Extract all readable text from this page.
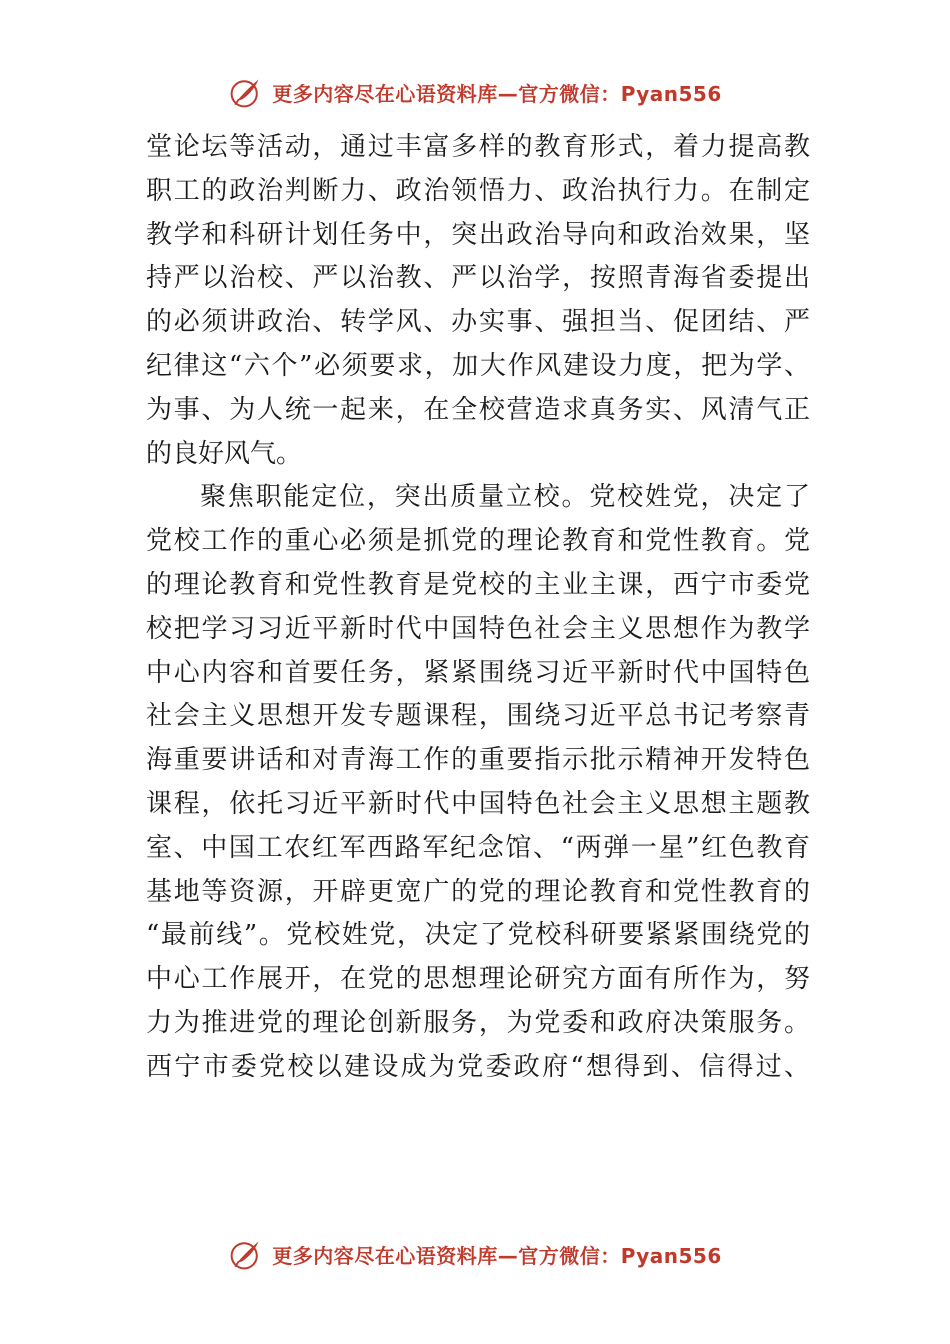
更多内容尽在心语资料库—官方微信：Pyan556
堂论坛等活动，通过丰富多样的教育形式，着力提高教
职工的政治判断力、政治领悟力、政治执行力。在制定
教学和科研计划任务中，突出政治导向和政治效果，坚
持严以治校、严以治教、严以治学，按照青海省委提出
的必须讲政治、转学风、办实事、强担当、促团结、严
纪律这“六个”必须要求，加大作风建设力度，把为学、
为事、为人统一起来，在全校营造求真务实、风清气正
的良好风气。
聚焦职能定位，突出质量立校。党校姓党，决定了
党校工作的重心必须是抓党的理论教育和党性教育。党
的理论教育和党性教育是党校的主业主课，西宁市委党
校把学习习近平新时代中国特色社会主义思想作为教学
中心内容和首要任务，紧紧围绕习近平新时代中国特色
社会主义思想开发专题课程，围绕习近平总书记考察青
海重要讲话和对青海工作的重要指示批示精神开发特色
课程，依托习近平新时代中国特色社会主义思想主题教
室、中国工农红军西路军纪念馆、“两弹一星”红色教育
基地等资源，开辟更宽广的党的理论教育和党性教育的
“最前线”。党校姓党，决定了党校科研要紧紧围绕党的
中心工作展开，在党的思想理论研究方面有所作为，努
力为推进党的理论创新服务，为党委和政府决策服务。
西宁市委党校以建设成为党委政府“想得到、信得过、
更多内容尽在心语资料库—官方微信：Pyan556
